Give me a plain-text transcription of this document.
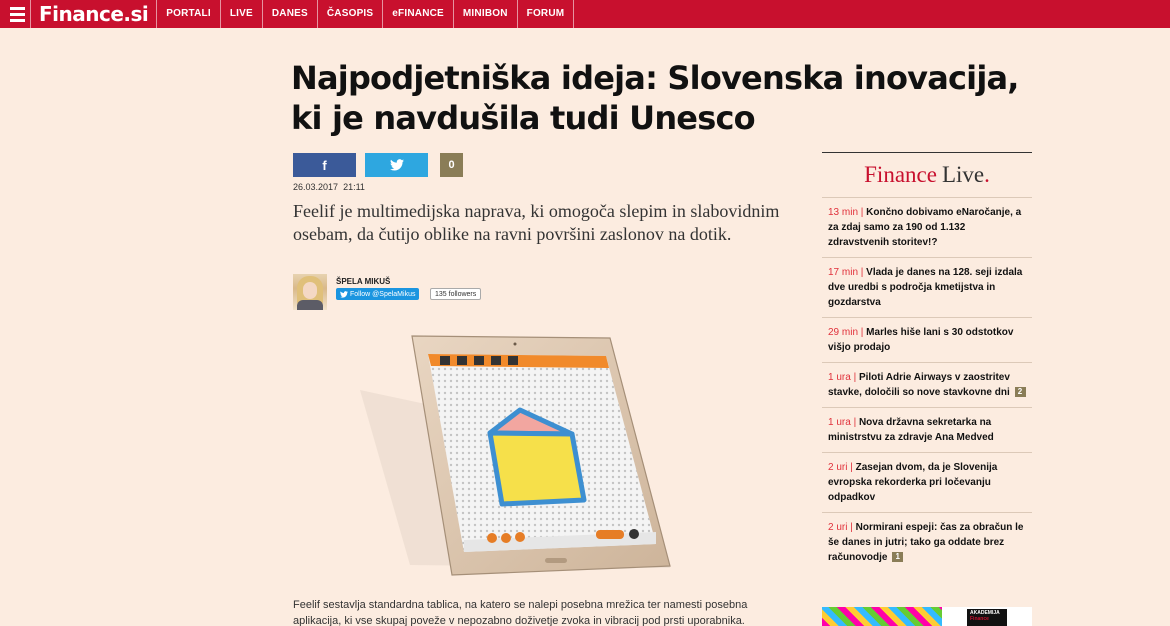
Finance.si	PORTALI	LIVE	DANES	ČASOPIS	eFINANCE	MINIBON	FORUM
Najpodjetniška ideja: Slovenska inovacija, ki je navdušila tudi Unesco
f	0
26.03.2017 21:11

Feelif je multimedijska naprava, ki omogoča slepim in slabovidnim osebam, da čutijo oblike na ravni površini zaslonov na dotik.

ŠPELA MIKUŠ
Follow @SpelaMikus	135 followers

Feelif sestavlja standardna tablica, na katero se nalepi posebna mrežica ter namesti posebna aplikacija, ki vse skupaj poveže v nepozabno doživetje zvoka in vibracij pod prsti uporabnika.

Finance Live .
13 min | Končno dobivamo eNaročanje, a za zdaj samo za 190 od 1.132 zdravstvenih storitev!?
17 min | Vlada je danes na 128. seji izdala dve uredbi s področja kmetijstva in gozdarstva
29 min | Marles hiše lani s 30 odstotkov višjo prodajo
1 ura | Piloti Adrie Airways v zaostritev stavke, določili so nove stavkovne dni 2
1 ura | Nova državna sekretarka na ministrstvu za zdravje Ana Medved
2 uri | Zasejan dvom, da je Slovenija evropska rekorderka pri ločevanju odpadkov
2 uri | Normirani espeji: čas za obračun le še danes in jutri; tako ga oddate brez računovodje 1
AKADEMIJA
Finance
